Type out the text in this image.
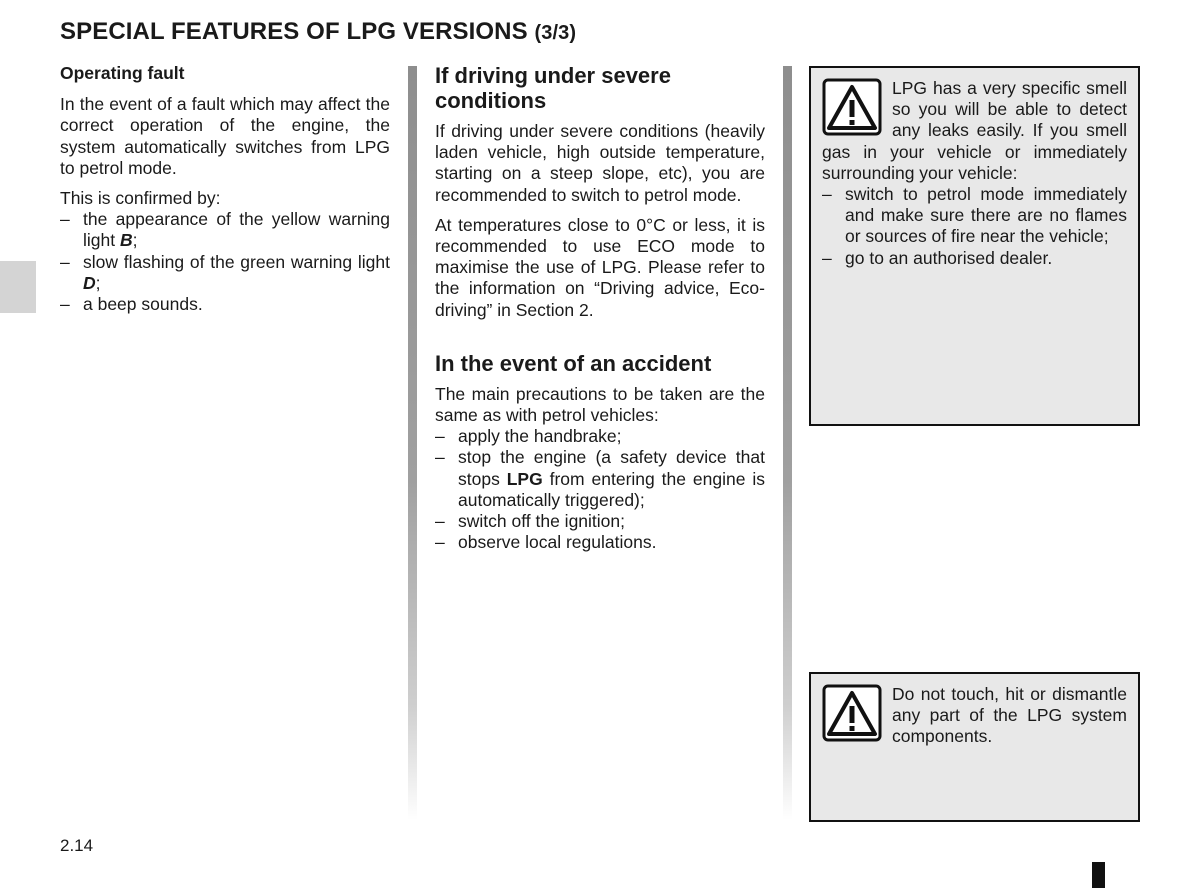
SPECIAL FEATURES OF LPG VERSIONS (3/3)
Operating fault

In the event of a fault which may affect the correct operation of the engine, the system automatically switches from LPG to petrol mode.

This is confirmed by:

– the appearance of the yellow warning light B;
– slow flashing of the green warning light D;
– a beep sounds.
If driving under severe conditions

If driving under severe conditions (heavily laden vehicle, high outside temperature, starting on a steep slope, etc), you are recommended to switch to petrol mode.

At temperatures close to 0°C or less, it is recommended to use ECO mode to maximise the use of LPG. Please refer to the information on “Driving advice, Eco-driving” in Section 2.

In the event of an accident

The main precautions to be taken are the same as with petrol vehicles:

– apply the handbrake;
– stop the engine (a safety device that stops LPG from entering the engine is automatically triggered);
– switch off the ignition;
– observe local regulations.

LPG has a very specific smell so you will be able to detect any leaks easily. If you smell gas in your vehicle or immediately surrounding your vehicle:

– switch to petrol mode immediately and make sure there are no flames or sources of fire near the vehicle;
– go to an authorised dealer.

Do not touch, hit or dismantle any part of the LPG system components.

2.14
